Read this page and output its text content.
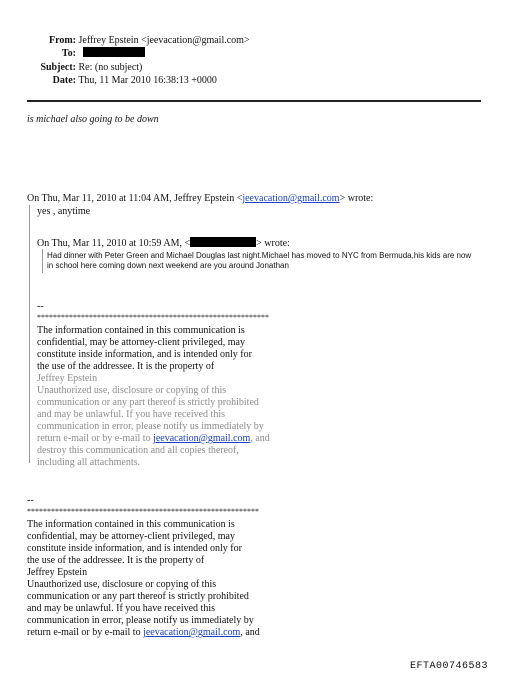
From: Jeffrey Epstein <jeevacation@gmail.com>
To:
Subject: Re: (no subject)
Date: Thu, 11 Mar 2010 16:38:13 +0000
is michael also going to be down
On Thu, Mar 11, 2010 at 11:04 AM, Jeffrey Epstein <jeevacation@gmail.com> wrote:
yes , anytime
On Thu, Mar 11, 2010 at 10:59 AM, <	> wrote:
Had dinner with Peter Green and Michael Douglas last night.Michael has moved to NYC from Bermuda,his kids are now
in school here coming down next weekend are you around Jonathan
--
**********************************************************

The information contained in this communication is

confidential, may be attorney-client privileged, may

constitute inside information, and is intended only for

the use of the addressee. It is the property of

Jeffrey Epstein

Unauthorized use, disclosure or copying of this

communication or any part thereof is strictly prohibited

and may be unlawful. If you have received this

communication in error, please notify us immediately by

return e-mail or by e-mail to jeevacation@gmail.com, and

destroy this communication and all copies thereof,

including all attachments.

--
**********************************************************

The information contained in this communication is

confidential, may be attorney-client privileged, may

constitute inside information, and is intended only for

the use of the addressee. It is the property of

Jeffrey Epstein

Unauthorized use, disclosure or copying of this

communication or any part thereof is strictly prohibited

and may be unlawful. If you have received this

communication in error, please notify us immediately by

return e-mail or by e-mail to jeevacation@gmail.com, and

EFTA00746583
